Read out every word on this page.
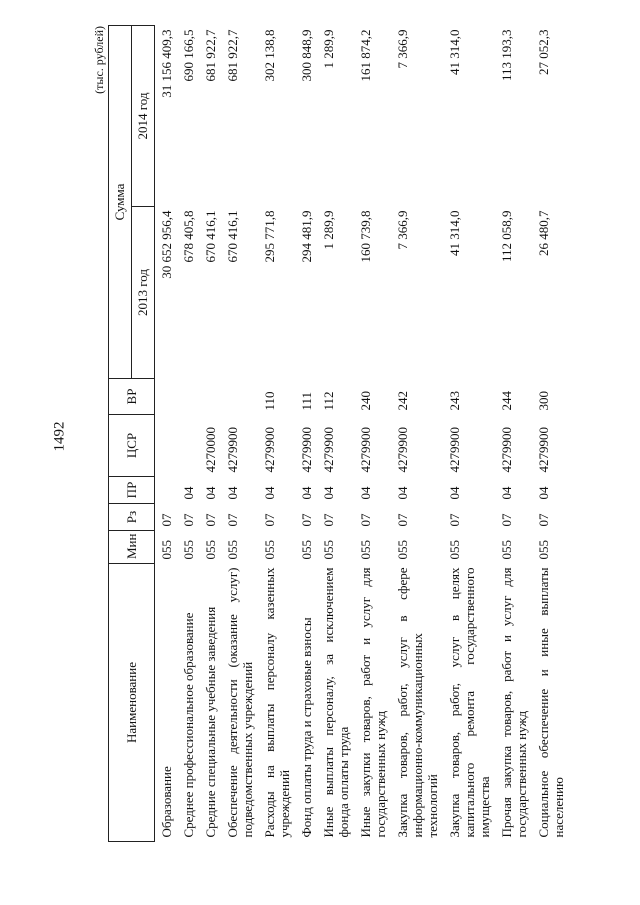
1492
(тыс. рублей)
Наименование	Мин	Рз	ПР	ЦСР	ВР	Сумма	
						2013 год	2014 год
Образование	055	07				30 652 956,4	31 156 409,3
Среднее профессиональное образование	055	07	04			678 405,8	690 166,5
Средние специальные учебные заведения	055	07	04	4270000		670 416,1	681 922,7
Обеспечение деятельности (оказание услуг) подведомственных учреждений	055	07	04	4279900		670 416,1	681 922,7
Расходы на выплаты персоналу казенных учреждений	055	07	04	4279900	110	295 771,8	302 138,8
Фонд оплаты труда и страховые взносы	055	07	04	4279900	111	294 481,9	300 848,9
Иные выплаты персоналу, за исключением фонда оплаты труда	055	07	04	4279900	112	1 289,9	1 289,9
Иные закупки товаров, работ и услуг для государственных нужд	055	07	04	4279900	240	160 739,8	161 874,2
Закупка товаров, работ, услуг в сфере информационно-коммуникационных технологий	055	07	04	4279900	242	7 366,9	7 366,9
Закупка товаров, работ, услуг в целях капитального ремонта государственного имущества	055	07	04	4279900	243	41 314,0	41 314,0
Прочая закупка товаров, работ и услуг для государственных нужд	055	07	04	4279900	244	112 058,9	113 193,3
Социальное обеспечение и иные выплаты населению	055	07	04	4279900	300	26 480,7	27 052,3
